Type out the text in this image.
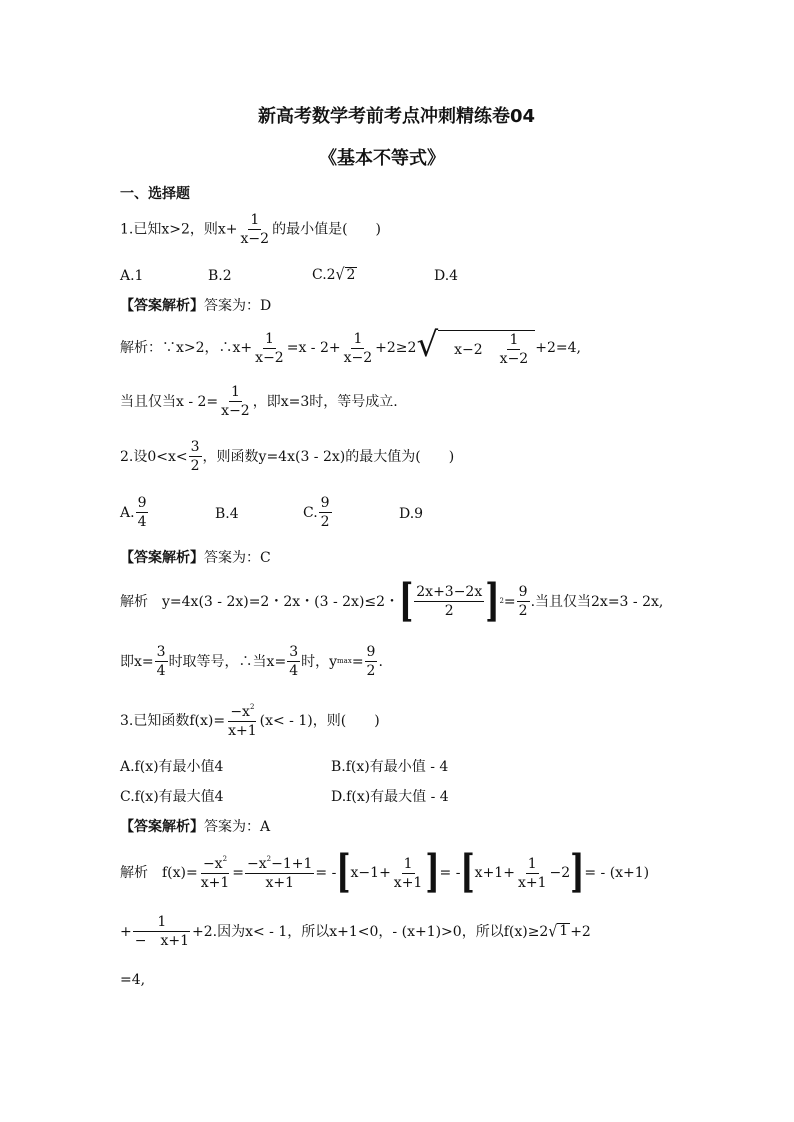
新高考数学考前考点冲刺精练卷04
《基本不等式》
一、选择题
1.已知x>2，则$x+ \frac{1}{x-2}$ 的最小值是(　　)
A.1	B.2	C.2√ 2	D.4
【答案解析】答案为：D
解析：∵x>2，∴x+ $\frac{1}{x-2} =x - 2+ \frac{1}{x-2} +2\ge 2$ √ $x-2 \frac{1}{x-2} +2=4$,
当且仅当$x - 2= \frac{1}{x-2}$ ，即x=3时，等号成立.
2.设$0<x< \frac{3}{2}$ ，则函数y=4x(3 - 2x)的最大值为(　　)
A. $\frac{9}{4}$	B.4	C. $\frac{9}{2}$	D.9
【答案解析】答案为：C
解析　y=4x(3 - 2x)=2・2x・(3 - 2x)≤2・ [ $\frac{2x+3-2x}{2}$ ] $2 = \frac{9}{2}$ .当且仅当2x=3 - 2x,
即$x= \frac{3}{4}$ 时取等号，∴当$x= \frac{3}{4}$ 时，y $\max = \frac{9}{2}$ .
3.已知函数$f(x)= \frac{-x^2}{x+1} (x< - 1)$，则(　　)
A.f(x)有最小值4	B.f(x)有最小值 - 4
C.f(x)有最大值4	D.f(x)有最大值 - 4
【答案解析】答案为：A
解析　$f(x)= \frac{-x^2}{x+1} = \frac{-x^2-1+1}{x+1}$ = - [ $x-1+ \frac{1}{x+1}$ ] = - [ $x+1+ \frac{1}{x+1} -2$ ] = - (x+1)
+ $\frac{1}{- x+1} +2$.因为x< - 1，所以x+1<0，- (x+1)>0，所以f(x)≥2 √ 1 +2
=4,
